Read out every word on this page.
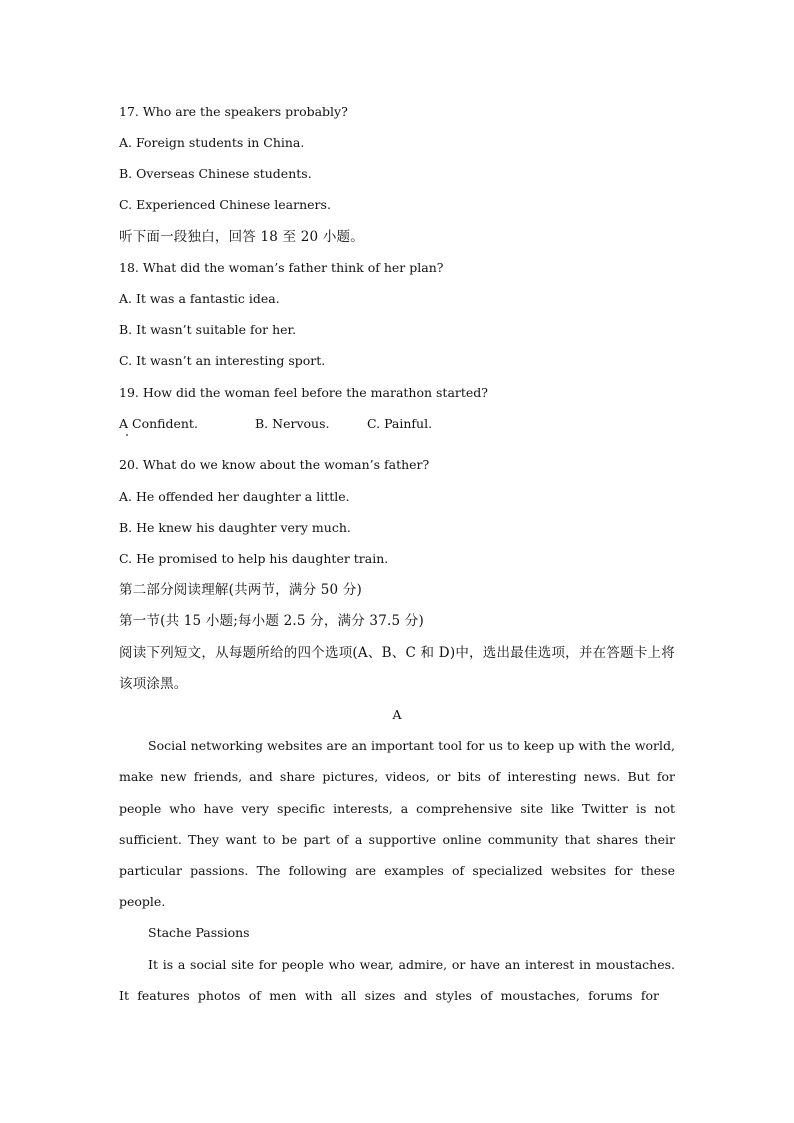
17. Who are the speakers probably?
A. Foreign students in China.
B. Overseas Chinese students.
C. Experienced Chinese learners.
听下面一段独白，回答 18 至 20 小题。
18. What did the woman’s father think of her plan?
A. It was a fantastic idea.
B. It wasn’t suitable for her.
C. It wasn’t an interesting sport.
19. How did the woman feel before the marathon started?
A Confident.	B. Nervous.	C. Painful.
20. What do we know about the woman’s father?
A. He offended her daughter a little.
B. He knew his daughter very much.
C. He promised to help his daughter train.
第二部分阅读理解(共两节，满分 50 分)
第一节(共 15 小题;每小题 2.5 分，满分 37.5 分)
阅读下列短文，从每题所给的四个选项(A、B、C 和 D)中，选出最佳选项，并在答题卡上将
该项涂黑。
A
Social networking websites are an important tool for us to keep up with the world,
make new friends, and share pictures, videos, or bits of interesting news. But for
people who have very specific interests, a comprehensive site like Twitter is not
sufficient. They want to be part of a supportive online community that shares their
particular passions. The following are examples of specialized websites for these
people.
Stache Passions
It is a social site for people who wear, admire, or have an interest in moustaches.
It features photos of men with all sizes and styles of moustaches, forums for
